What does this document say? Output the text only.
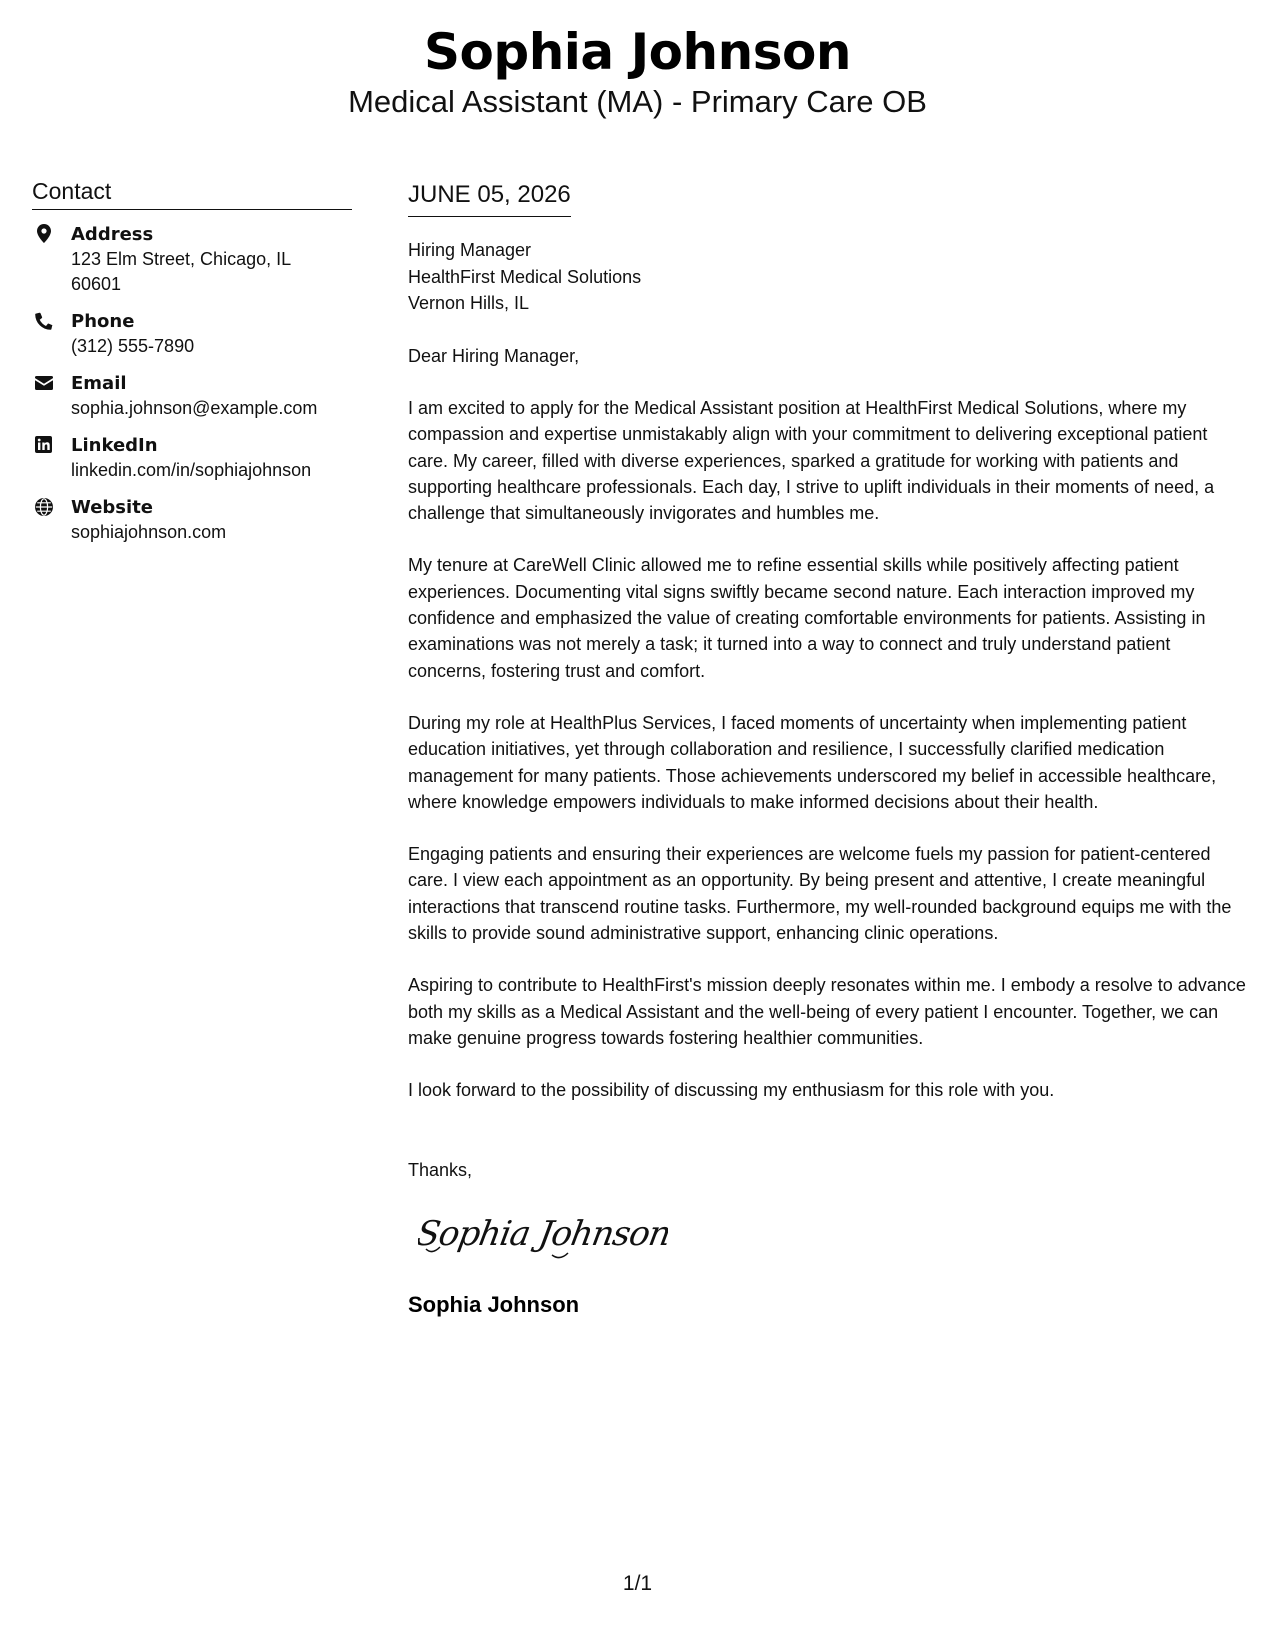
Sophia Johnson
Medical Assistant (MA) - Primary Care OB
Contact
Address
123 Elm Street, Chicago, IL 60601
Phone
(312) 555-7890
Email
sophia.johnson@example.com
LinkedIn
linkedin.com/in/sophiajohnson
Website
sophiajohnson.com
JUNE 05, 2026
Hiring Manager
HealthFirst Medical Solutions
Vernon Hills, IL
Dear Hiring Manager,

I am excited to apply for the Medical Assistant position at HealthFirst Medical Solutions, where my compassion and expertise unmistakably align with your commitment to delivering exceptional patient care. My career, filled with diverse experiences, sparked a gratitude for working with patients and supporting healthcare professionals. Each day, I strive to uplift individuals in their moments of need, a challenge that simultaneously invigorates and humbles me.

My tenure at CareWell Clinic allowed me to refine essential skills while positively affecting patient experiences. Documenting vital signs swiftly became second nature. Each interaction improved my confidence and emphasized the value of creating comfortable environments for patients. Assisting in examinations was not merely a task; it turned into a way to connect and truly understand patient concerns, fostering trust and comfort.

During my role at HealthPlus Services, I faced moments of uncertainty when implementing patient education initiatives, yet through collaboration and resilience, I successfully clarified medication management for many patients. Those achievements underscored my belief in accessible healthcare, where knowledge empowers individuals to make informed decisions about their health.

Engaging patients and ensuring their experiences are welcome fuels my passion for patient-centered care. I view each appointment as an opportunity. By being present and attentive, I create meaningful interactions that transcend routine tasks. Furthermore, my well-rounded background equips me with the skills to provide sound administrative support, enhancing clinic operations.

Aspiring to contribute to HealthFirst's mission deeply resonates within me. I embody a resolve to advance both my skills as a Medical Assistant and the well-being of every patient I encounter. Together, we can make genuine progress towards fostering healthier communities.

I look forward to the possibility of discussing my enthusiasm for this role with you.

Thanks,
Sophia Johnson
Sophia Johnson
1/1
